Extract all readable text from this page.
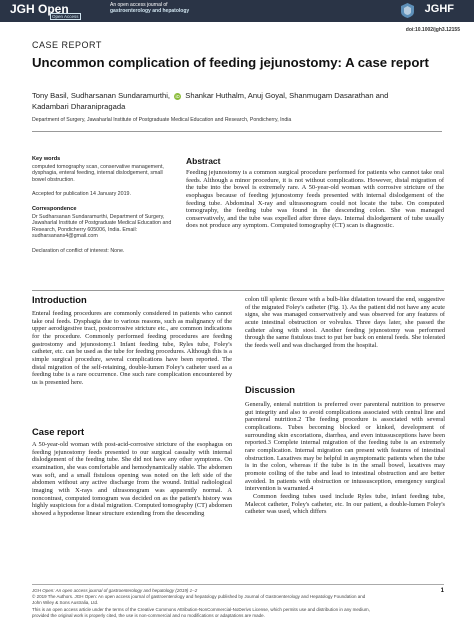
JGH Open
Open Access
An open access journal of
gastroenterology and hepatology	JGHF
doi:10.1002/jgh3.12155
CASE REPORT
Uncommon complication of feeding jejunostomy: A case report
Tony Basil, Sudharsanan Sundaramurthi, iD Shankar Huthalm, Anuj Goyal, Shanmugam Dasarathan and
Kadambari Dharanipragada
Department of Surgery, Jawaharlal Institute of Postgraduate Medical Education and Research, Pondicherry, India
Key words

computed tomography scan, conservative management, dysphagia, enteral feeding, internal dislodgement, small bowel obstruction.

Accepted for publication 14 January 2019.

Correspondence

Dr Sudharsanan Sundaramurthi, Department of Surgery, Jawaharlal Institute of Postgraduate Medical Education and Research, Pondicherry 605006, India. Email: sudharsanans4@gmail.com

Declaration of conflict of interest: None.

Abstract

Feeding jejunostomy is a common surgical procedure performed for patients who cannot take oral feeds. Although a minor procedure, it is not without complications. However, distal migration of the tube into the bowel is extremely rare. A 50-year-old woman with corrosive stricture of the esophagus because of feeding jejunostomy feeds presented with internal dislodgement of the feeding tube. Abdominal X-ray and ultrasonogram could not locate the tube. On computed tomography, the feeding tube was found in the descending colon. She was managed conservatively, and the tube was expelled after three days. Internal dislodgement of tube usually does not produce any symptom. Computed tomography (CT) scan is diagnostic.

Introduction

Enteral feeding procedures are commonly considered in patients who cannot take oral feeds. Dysphagia due to various reasons, such as malignancy of the upper aerodigestive tract, postcorrosive stricture etc., are common indications for the procedure. Commonly performed feeding procedures are feeding gastrostomy and jejunostomy.1 Infant feeding tube, Ryles tube, Foley's catheter, etc. can be used as the tube for feeding procedures. Although this is a simple surgical procedure, several complications have been reported. The distal migration of the self-retaining, double-lumen Foley's catheter used as a feeding tube is a rare occurrence. One such rare complication encountered by us is presented here.

Case report

A 50-year-old woman with post-acid-corrosive stricture of the esophagus on feeding jejunostomy feeds presented to our surgical casualty with internal dislodgement of the feeding tube. She did not have any other symptoms. On examination, she was comfortable and hemodynamically stable. The abdomen was soft, and a small fistulous opening was noted on the left side of the abdomen without any active discharge from the wound. Initial radiological imaging with X-rays and ultrasonogram was apparently normal. A noncontrast, computed tomogram was decided on as the patient's history was highly suspicious for a distal migration. Computed tomography (CT) abdomen showed a hypodense linear structure extending from the descending

colon till splenic flexure with a bulb-like dilatation toward the end, suggestive of the migrated Foley's catheter (Fig. 1). As the patient did not have any acute signs, she was managed conservatively and was observed for any features of acute intestinal obstruction or volvulus. Three days later, she passed the catheter along with stool. Another feeding jejunostomy was performed through the same fistulous tract to put her back on enteral feeds. She tolerated the feeds well and was discharged from the hospital.

Discussion

Generally, enteral nutrition is preferred over parenteral nutrition to preserve gut integrity and also to avoid complications associated with central line and parenteral nutrition.2 The feeding procedure is associated with several complications. Tubes becoming blocked or kinked, development of surrounding skin excoriations, diarrhea, and even intussusceptions have been reported.3 Complete internal migration of the feeding tube is an extremely rare complication. Internal migration can present with features of intestinal obstruction. Laxatives may be helpful in asymptomatic patients when the tube is in the colon, whereas if the tube is in the small bowel, laxatives may promote coiling of the tube and lead to intestinal obstruction and are better avoided. In patients with obstruction or intussusception, emergency surgical intervention is warranted.4

Common feeding tubes used include Ryles tube, infant feeding tube, Malecot catheter, Foley's catheter, etc. In our patient, a double-lumen Foley's catheter was used, which differs

JGH Open: An open access journal of gastroenterology and hepatology (2019) 1–2
© 2019 The Authors. JGH Open: An open access journal of gastroenterology and hepatology published by Journal of Gastroenterology and Hepatology Foundation and
John Wiley & Sons Australia, Ltd.
This is an open access article under the terms of the Creative Commons Attribution-NonCommercial-NoDerivs License, which permits use and distribution in any medium,
provided the original work is properly cited, the use is non-commercial and no modifications or adaptations are made.
1
